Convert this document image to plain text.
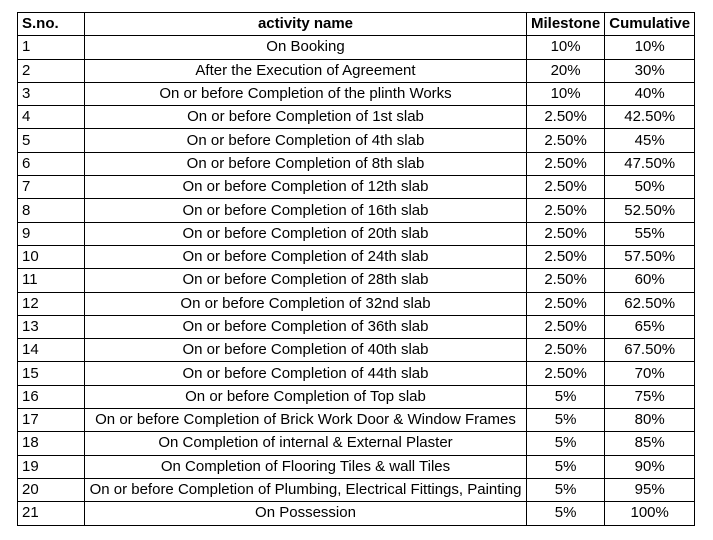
S.no.	activity name	Milestone	Cumulative
1	On Booking	10%	10%
2	After the Execution of Agreement	20%	30%
3	On or before Completion of the plinth Works	10%	40%
4	On or before Completion of 1st slab	2.50%	42.50%
5	On or before Completion of 4th slab	2.50%	45%
6	On or before Completion of 8th slab	2.50%	47.50%
7	On or before Completion of 12th slab	2.50%	50%
8	On or before Completion of 16th slab	2.50%	52.50%
9	On or before Completion of 20th slab	2.50%	55%
10	On or before Completion of 24th slab	2.50%	57.50%
11	On or before Completion of 28th slab	2.50%	60%
12	On or before Completion of 32nd slab	2.50%	62.50%
13	On or before Completion of 36th slab	2.50%	65%
14	On or before Completion of 40th slab	2.50%	67.50%
15	On or before Completion of 44th slab	2.50%	70%
16	On or before Completion of Top slab	5%	75%
17	On or before Completion of Brick Work Door & Window Frames	5%	80%
18	On Completion of internal & External Plaster	5%	85%
19	On Completion of Flooring Tiles & wall Tiles	5%	90%
20	On or before Completion of Plumbing, Electrical Fittings, Painting	5%	95%
21	On Possession	5%	100%
